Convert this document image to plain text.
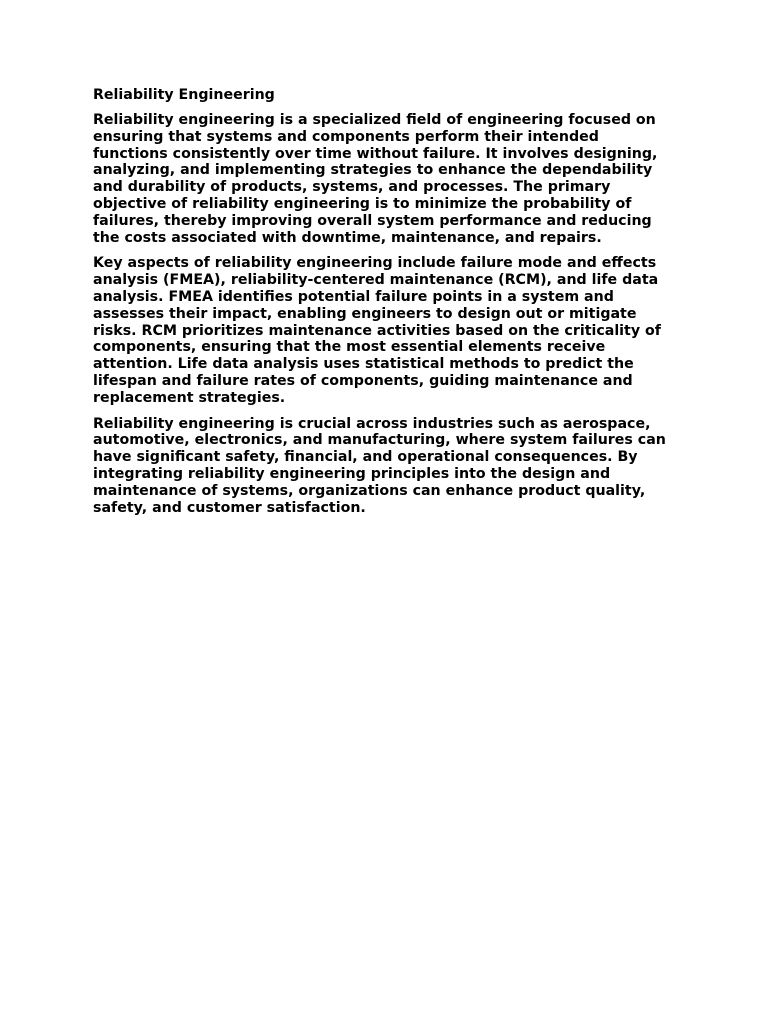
Reliability Engineering
Reliability engineering is a specialized field of engineering focused on
ensuring that systems and components perform their intended
functions consistently over time without failure. It involves designing,
analyzing, and implementing strategies to enhance the dependability
and durability of products, systems, and processes. The primary
objective of reliability engineering is to minimize the probability of
failures, thereby improving overall system performance and reducing
the costs associated with downtime, maintenance, and repairs.
Key aspects of reliability engineering include failure mode and effects
analysis (FMEA), reliability-centered maintenance (RCM), and life data
analysis. FMEA identifies potential failure points in a system and
assesses their impact, enabling engineers to design out or mitigate
risks. RCM prioritizes maintenance activities based on the criticality of
components, ensuring that the most essential elements receive
attention. Life data analysis uses statistical methods to predict the
lifespan and failure rates of components, guiding maintenance and
replacement strategies.
Reliability engineering is crucial across industries such as aerospace,
automotive, electronics, and manufacturing, where system failures can
have significant safety, financial, and operational consequences. By
integrating reliability engineering principles into the design and
maintenance of systems, organizations can enhance product quality,
safety, and customer satisfaction.
